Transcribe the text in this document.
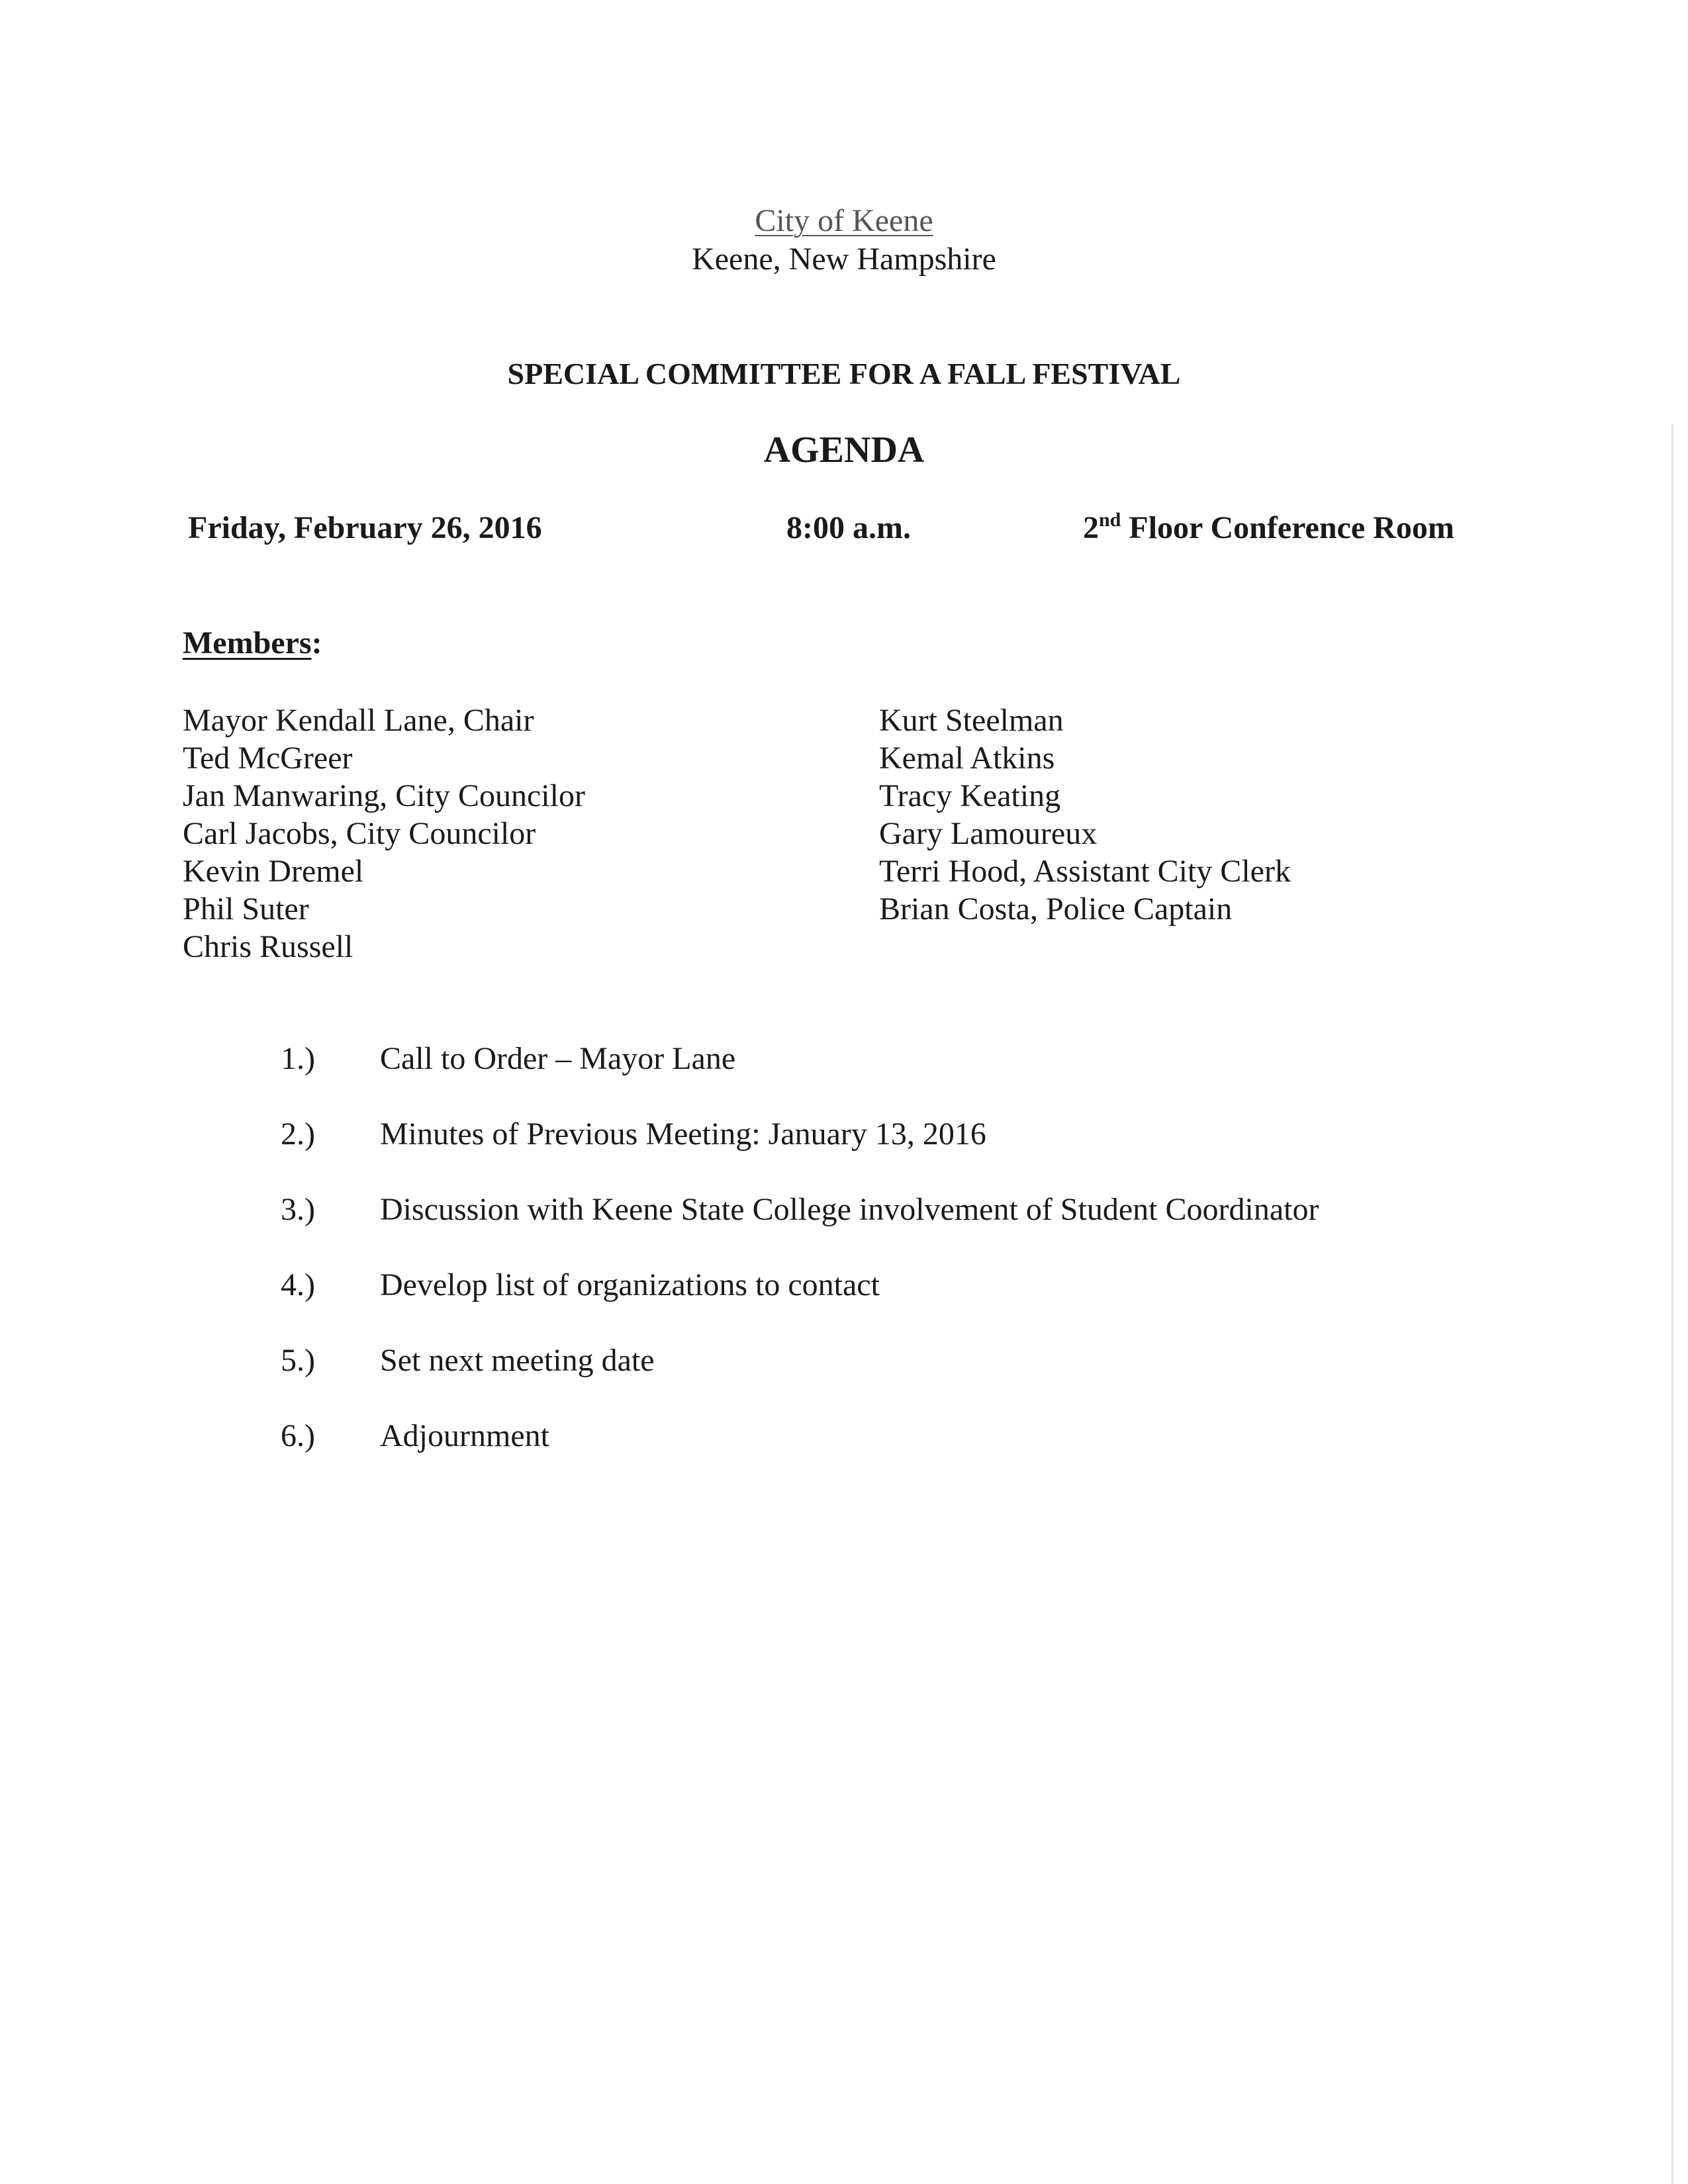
City of Keene
Keene, New Hampshire
SPECIAL COMMITTEE FOR A FALL FESTIVAL
AGENDA
Friday, February 26, 2016	8:00 a.m.	2nd Floor Conference Room
Members:
Mayor Kendall Lane, Chair
Ted McGreer
Jan Manwaring, City Councilor
Carl Jacobs, City Councilor
Kevin Dremel
Phil Suter
Chris Russell
Kurt Steelman
Kemal Atkins
Tracy Keating
Gary Lamoureux
Terri Hood, Assistant City Clerk
Brian Costa, Police Captain
1.) Call to Order – Mayor Lane
2.) Minutes of Previous Meeting: January 13, 2016
3.) Discussion with Keene State College involvement of Student Coordinator
4.) Develop list of organizations to contact
5.) Set next meeting date
6.) Adjournment
